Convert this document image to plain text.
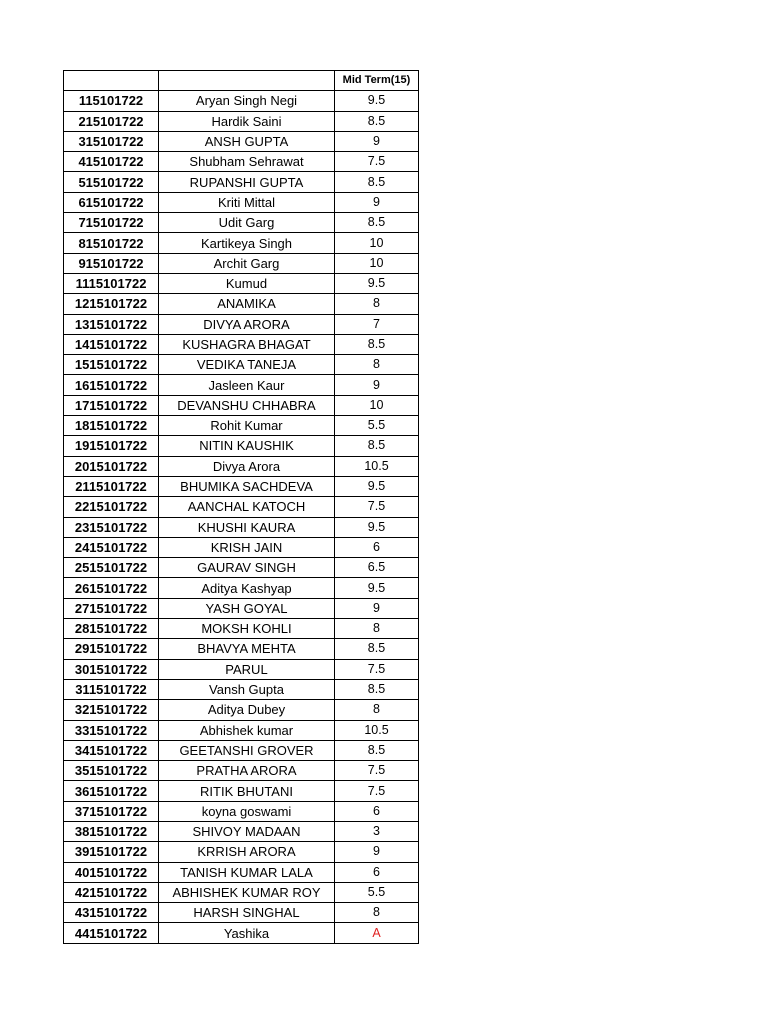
		Mid Term(15)
115101722	Aryan Singh Negi	9.5
215101722	Hardik Saini	8.5
315101722	ANSH GUPTA	9
415101722	Shubham Sehrawat	7.5
515101722	RUPANSHI GUPTA	8.5
615101722	Kriti Mittal	9
715101722	Udit Garg	8.5
815101722	Kartikeya Singh	10
915101722	Archit Garg	10
1115101722	Kumud	9.5
1215101722	ANAMIKA	8
1315101722	DIVYA ARORA	7
1415101722	KUSHAGRA BHAGAT	8.5
1515101722	VEDIKA TANEJA	8
1615101722	Jasleen Kaur	9
1715101722	DEVANSHU CHHABRA	10
1815101722	Rohit Kumar	5.5
1915101722	NITIN KAUSHIK	8.5
2015101722	Divya Arora	10.5
2115101722	BHUMIKA SACHDEVA	9.5
2215101722	AANCHAL KATOCH	7.5
2315101722	KHUSHI KAURA	9.5
2415101722	KRISH JAIN	6
2515101722	GAURAV SINGH	6.5
2615101722	Aditya Kashyap	9.5
2715101722	YASH GOYAL	9
2815101722	MOKSH KOHLI	8
2915101722	BHAVYA MEHTA	8.5
3015101722	PARUL	7.5
3115101722	Vansh Gupta	8.5
3215101722	Aditya Dubey	8
3315101722	Abhishek kumar	10.5
3415101722	GEETANSHI GROVER	8.5
3515101722	PRATHA ARORA	7.5
3615101722	RITIK BHUTANI	7.5
3715101722	koyna goswami	6
3815101722	SHIVOY MADAAN	3
3915101722	KRRISH ARORA	9
4015101722	TANISH KUMAR LALA	6
4215101722	ABHISHEK KUMAR ROY	5.5
4315101722	HARSH SINGHAL	8
4415101722	Yashika	A
